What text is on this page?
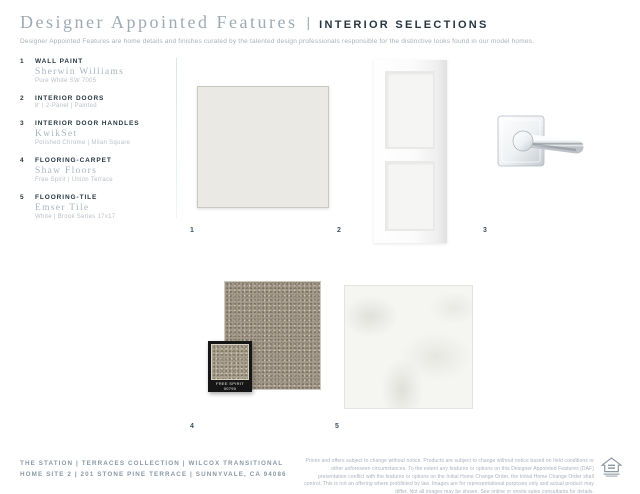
Designer Appointed Features | INTERIOR SELECTIONS
Designer Appointed Features are home details and finishes curated by the talented design professionals responsible for the distinctive looks found in our model homes.
1	WALL PAINT
Sherwin Williams
Pure White SW 7005
2	INTERIOR DOORS
8' | 2-Panel | Painted
3	INTERIOR DOOR HANDLES
KwikSet
Polished Chrome | Milan Square
4	FLOORING-CARPET
Shaw Floors
Free Spirit | Union Terrace
5	FLOORING-TILE
Emser Tile
White | Brook Series 17x17
FREE SPIRIT
00790
1	2	3
4	5
THE STATION | TERRACES COLLECTION | WILCOX TRANSITIONAL
HOME SITE 2 | 201 STONE PINE TERRACE | SUNNYVALE, CA 94086
Prices and offers subject to change without notice. Products are subject to change without notice based on field conditions or other unforeseen circumstances. To the extent any features or options on this Designer Appointed Features (DAF) presentation conflict with the features or options on the Initial Home Change Order, the Initial Home Change Order shall control. This is not an offering where prohibited by law. Images are for representational purposes only and actual product may differ. Not all images may be shown. See online or onsite sales consultants for details.
